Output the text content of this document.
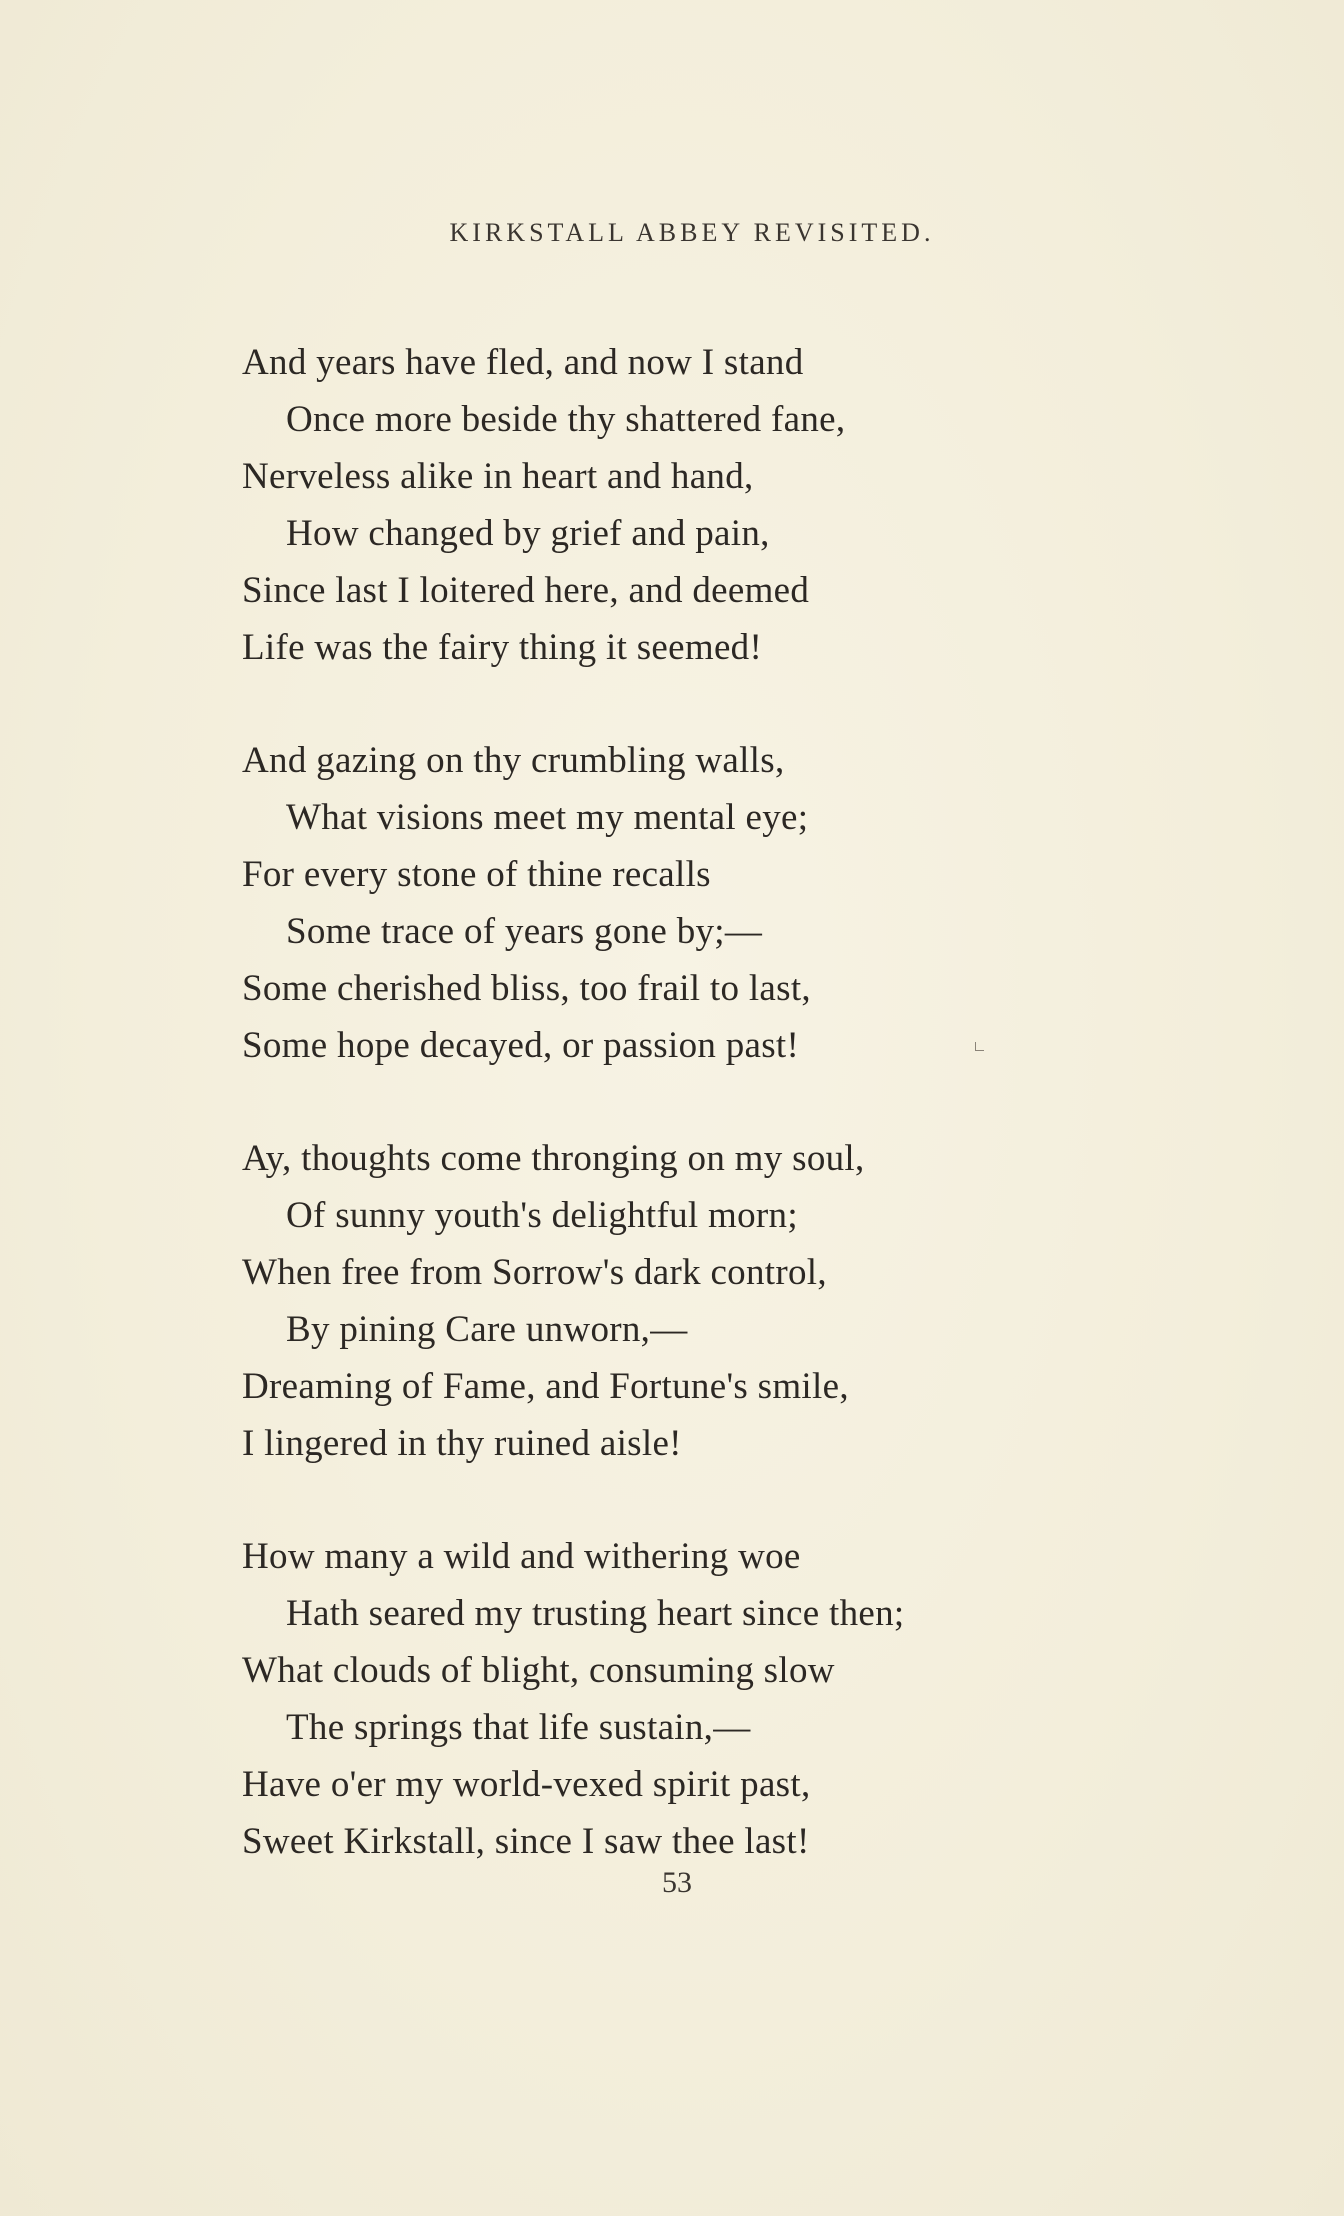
KIRKSTALL ABBEY REVISITED.
And years have fled, and now I stand
Once more beside thy shattered fane,
Nerveless alike in heart and hand,
How changed by grief and pain,
Since last I loitered here, and deemed
Life was the fairy thing it seemed!
And gazing on thy crumbling walls,
What visions meet my mental eye;
For every stone of thine recalls
Some trace of years gone by;—
Some cherished bliss, too frail to last,
Some hope decayed, or passion past!
Ay, thoughts come thronging on my soul,
Of sunny youth's delightful morn;
When free from Sorrow's dark control,
By pining Care unworn,—
Dreaming of Fame, and Fortune's smile,
I lingered in thy ruined aisle!
How many a wild and withering woe
Hath seared my trusting heart since then;
What clouds of blight, consuming slow
The springs that life sustain,—
Have o'er my world-vexed spirit past,
Sweet Kirkstall, since I saw thee last!
53
